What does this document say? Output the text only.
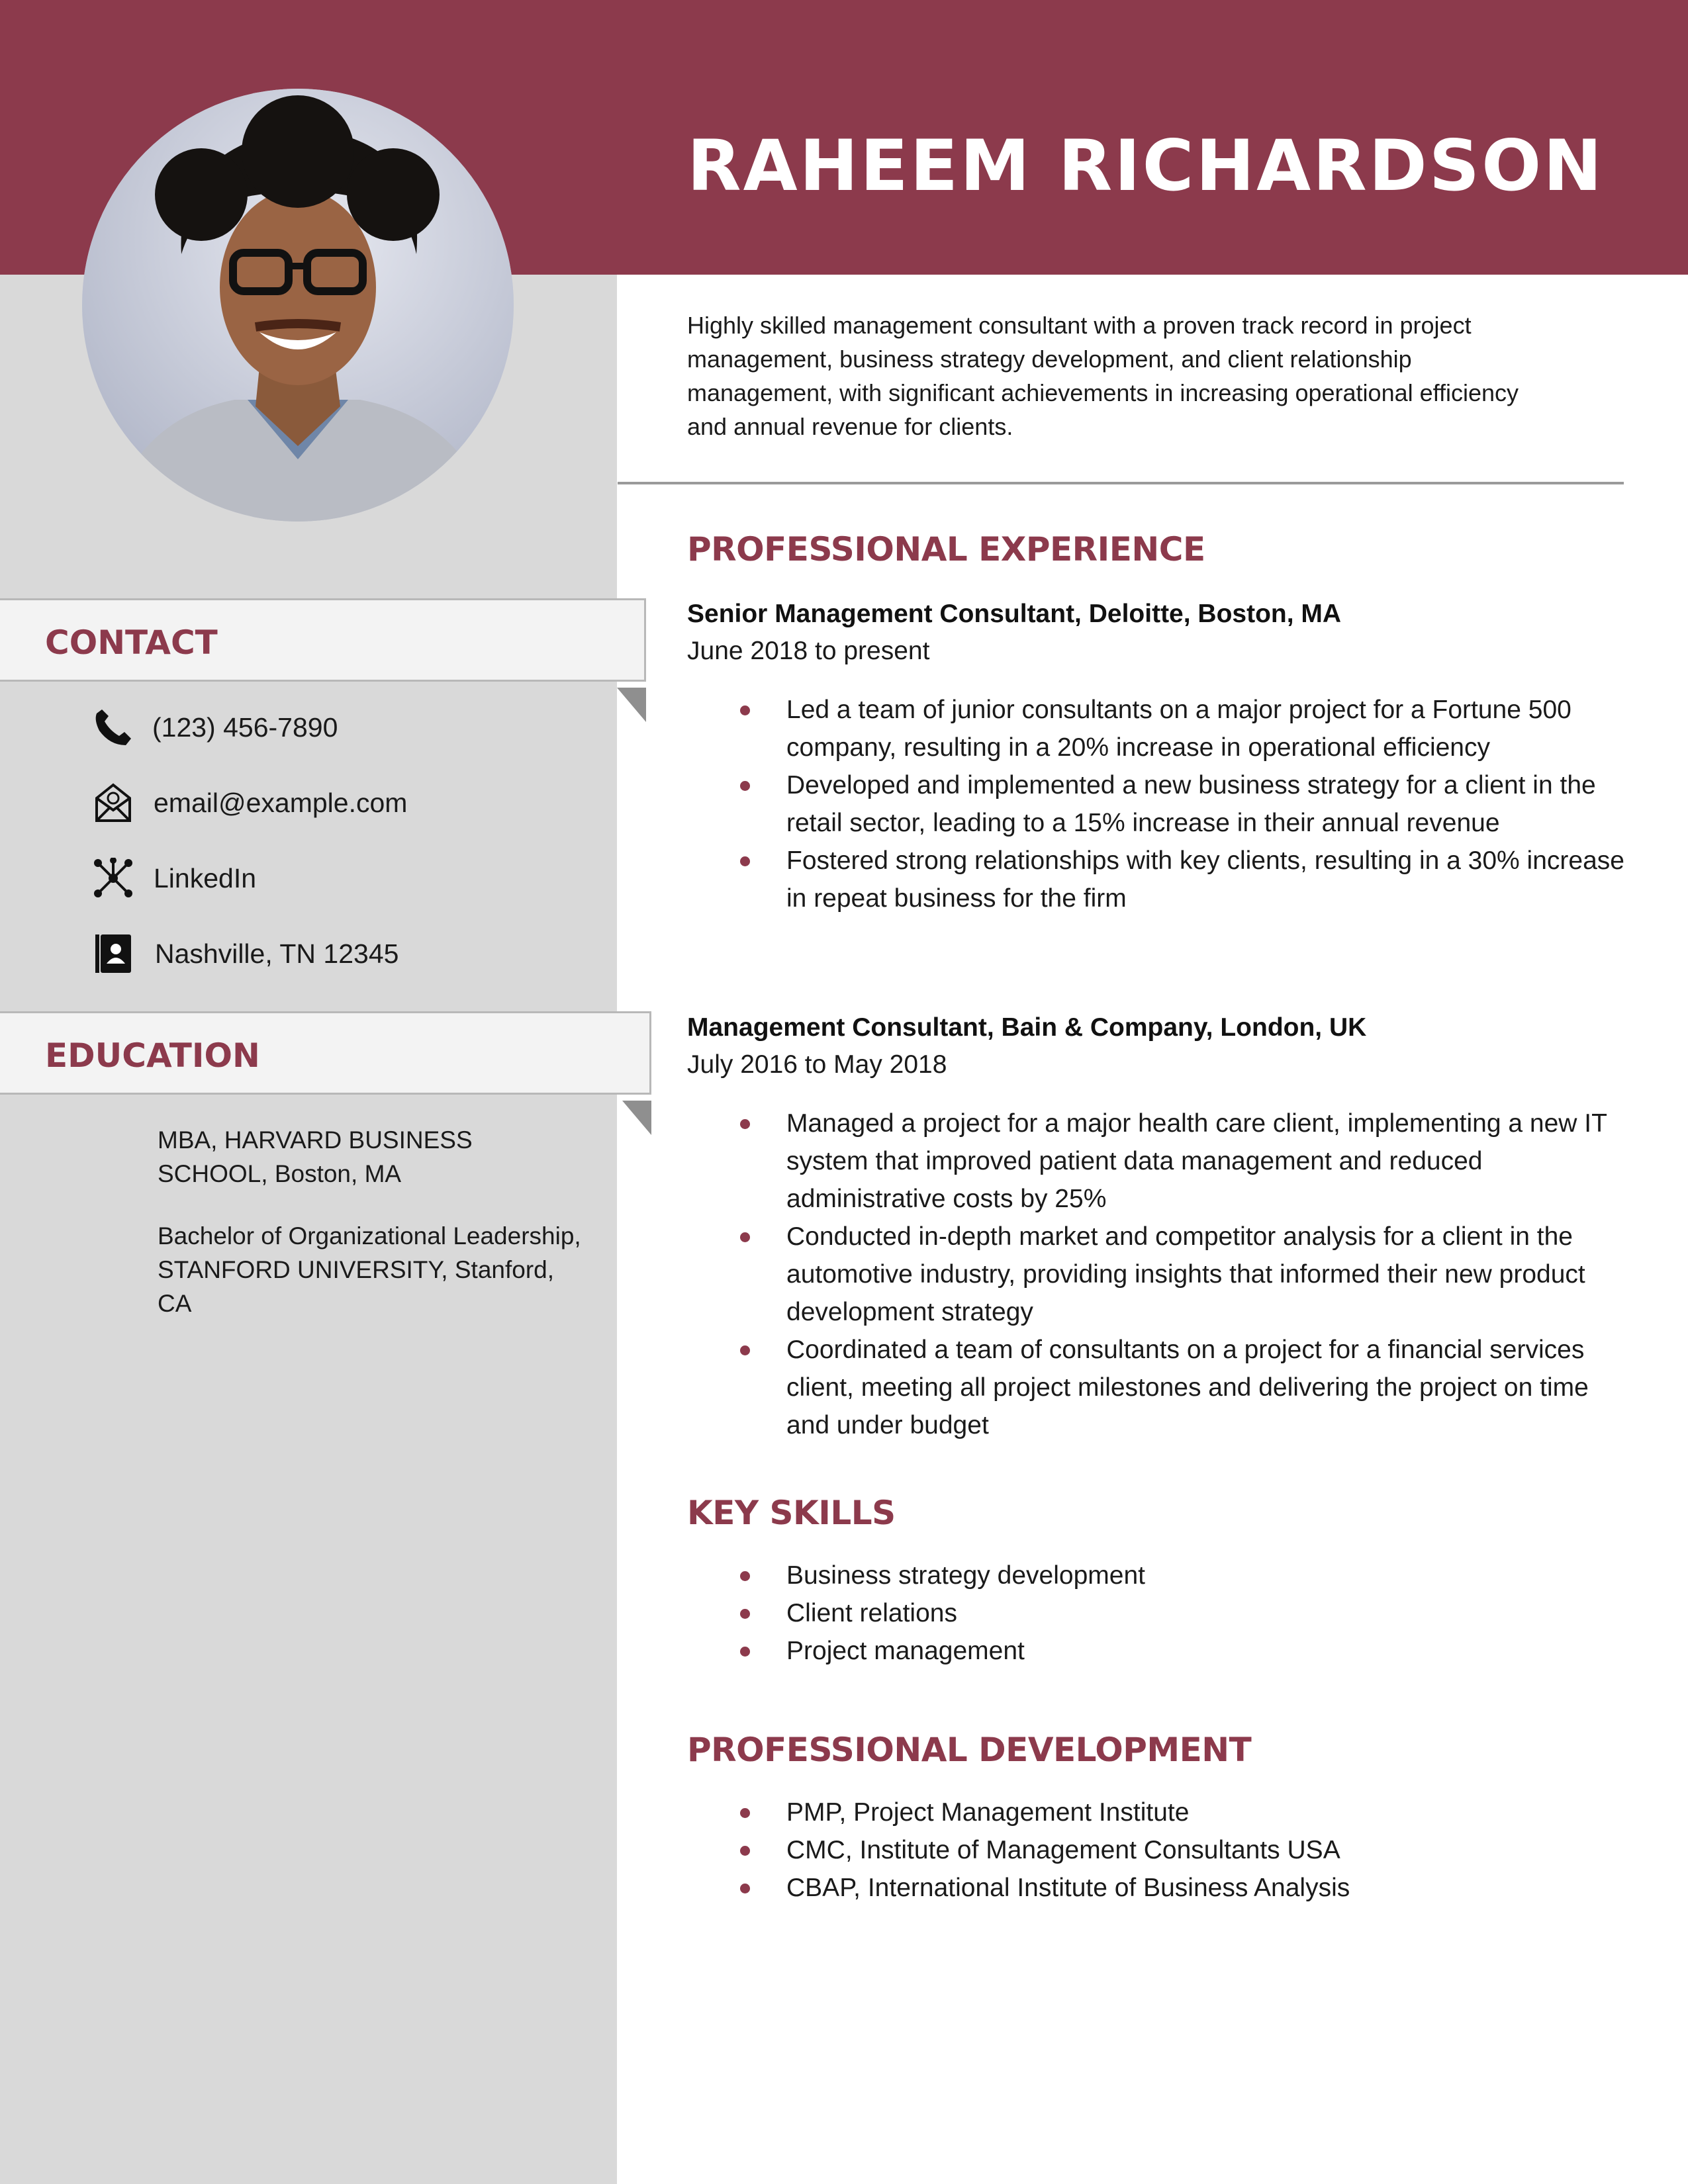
RAHEEM RICHARDSON

Highly skilled management consultant with a proven track record in project management, business strategy development, and client relationship management, with significant achievements in increasing operational efficiency and annual revenue for clients.

CONTACT
(123) 456-7890
email@example.com
LinkedIn
Nashville, TN 12345
EDUCATION

MBA, HARVARD BUSINESS SCHOOL, Boston, MA

Bachelor of Organizational Leadership, STANFORD UNIVERSITY, Stanford, CA

PROFESSIONAL EXPERIENCE

Senior Management Consultant, Deloitte, Boston, MA

June 2018 to present

Led a team of junior consultants on a major project for a Fortune 500 company, resulting in a 20% increase in operational efficiency
Developed and implemented a new business strategy for a client in the retail sector, leading to a 15% increase in their annual revenue
Fostered strong relationships with key clients, resulting in a 30% increase in repeat business for the firm

Management Consultant, Bain & Company, London, UK

July 2016 to May 2018

Managed a project for a major health care client, implementing a new IT system that improved patient data management and reduced administrative costs by 25%
Conducted in-depth market and competitor analysis for a client in the automotive industry, providing insights that informed their new product development strategy
Coordinated a team of consultants on a project for a financial services client, meeting all project milestones and delivering the project on time and under budget
KEY SKILLS
Business strategy development
Client relations
Project management
PROFESSIONAL DEVELOPMENT
PMP, Project Management Institute
CMC, Institute of Management Consultants USA
CBAP, International Institute of Business Analysis
